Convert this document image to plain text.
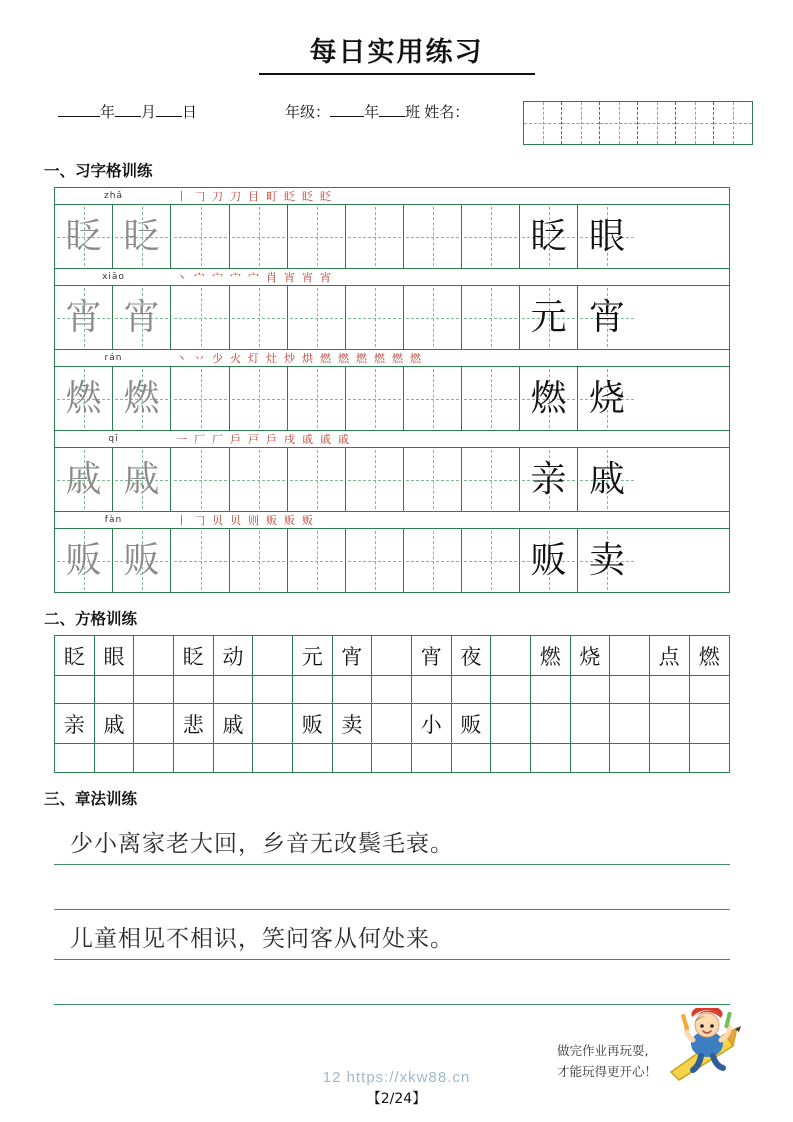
每日实用练习
年 月 日	年级： 年 班 姓名：
一、习字格训练
zhǎ
眨 眨
丨 𠃌 刀 刀 目 町 眨 眨 眨
眨 眼
xiāo
宵 宵
丶 宀 宀 宀 宀 肖 宵 宵 宵
元 宵
rán
燃 燃
丶 丷 少 火 灯 灶 炒 烘 燃 燃 燃 燃 燃 燃
燃 烧
qī
戚 戚
一 厂 厂 戶 戸 戶 戌 戚 戚 戚
亲 戚
fàn
贩 贩
丨 𠃌 贝 贝 则 贩 贩 贩
贩 卖
二、方格训练
眨 眼	眨 动	元 宵	宵 夜	燃 烧	点 燃
亲 戚	悲 戚	贩 卖	小 贩
三、章法训练
少小离家老大回，乡音无改鬓毛衰。
儿童相见不相识，笑问客从何处来。
做完作业再玩耍,
才能玩得更开心！
12 https://xkw88.cn
【2/24】
